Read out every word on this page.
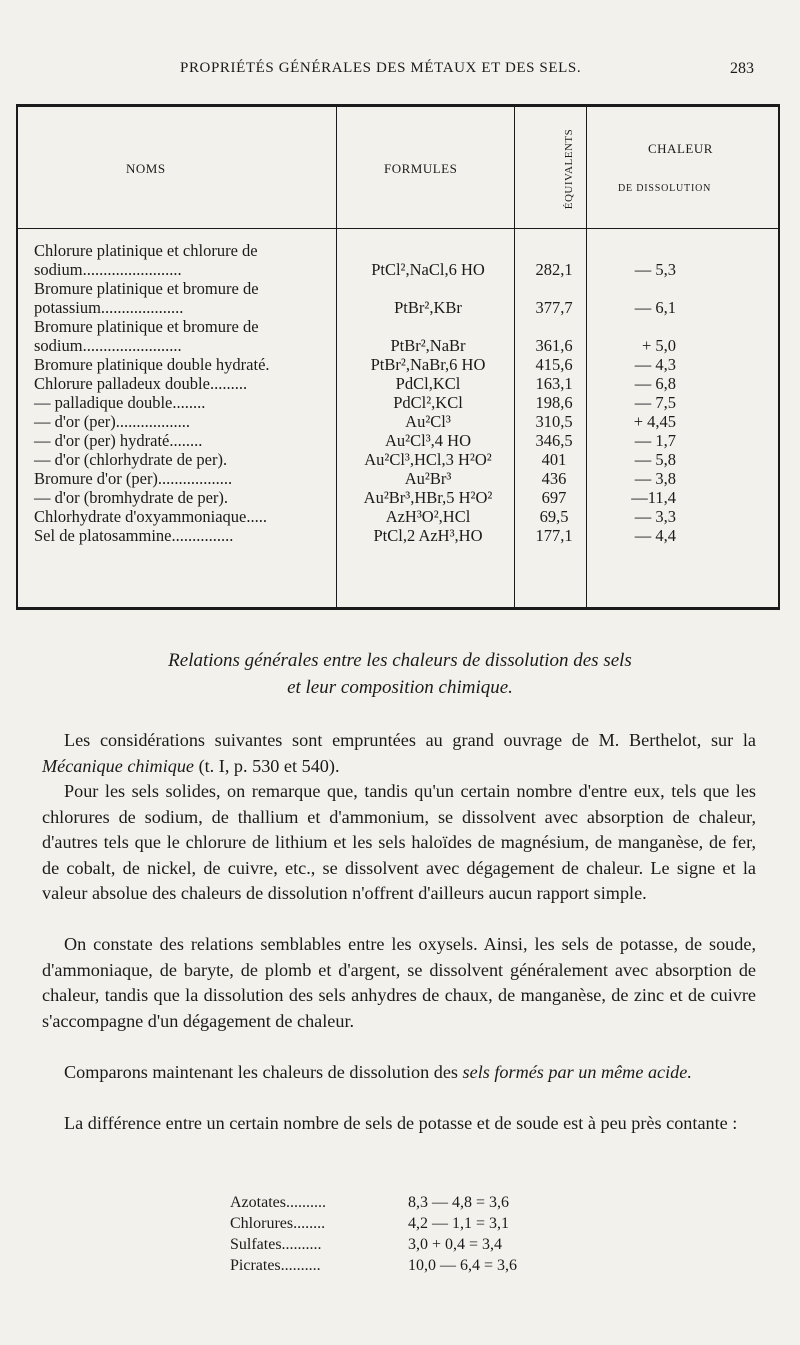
PROPRIÉTÉS GÉNÉRALES DES MÉTAUX ET DES SELS.	283
NOMS	FORMULES	ÉQUIVALENTS	CHALEUR
DE DISSOLUTION
Chlorure platinique et chlorure de
sodium........................	PtCl²,NaCl,6 HO	282,1	— 5,3
Bromure platinique et bromure de
potassium....................	PtBr²,KBr	377,7	— 6,1
Bromure platinique et bromure de
sodium........................	PtBr²,NaBr	361,6	+ 5,0
Bromure platinique double hydraté.	PtBr²,NaBr,6 HO	415,6	— 4,3
Chlorure palladeux double.........	PdCl,KCl	163,1	— 6,8
— palladique double........	PdCl²,KCl	198,6	— 7,5
— d'or (per)..................	Au²Cl³	310,5	+ 4,45
— d'or (per) hydraté........	Au²Cl³,4 HO	346,5	— 1,7
— d'or (chlorhydrate de per).	Au²Cl³,HCl,3 H²O²	401	— 5,8
Bromure d'or (per)..................	Au²Br³	436	— 3,8
— d'or (bromhydrate de per).	Au²Br³,HBr,5 H²O²	697	—11,4
Chlorhydrate d'oxyammoniaque.....	AzH³O²,HCl	69,5	— 3,3
Sel de platosammine...............	PtCl,2 AzH³,HO	177,1	— 4,4
Relations générales entre les chaleurs de dissolution des sels
et leur composition chimique.
Les considérations suivantes sont empruntées au grand ouvrage de M. Berthelot, sur la Mécanique chimique (t. I, p. 530 et 540).
Pour les sels solides, on remarque que, tandis qu'un certain nombre d'entre eux, tels que les chlorures de sodium, de thallium et d'ammonium, se dissolvent avec absorption de chaleur, d'autres tels que le chlorure de lithium et les sels haloïdes de magnésium, de manganèse, de fer, de cobalt, de nickel, de cuivre, etc., se dissolvent avec dégagement de chaleur. Le signe et la valeur absolue des chaleurs de dissolution n'offrent d'ailleurs aucun rapport simple.
On constate des relations semblables entre les oxysels. Ainsi, les sels de potasse, de soude, d'ammoniaque, de baryte, de plomb et d'argent, se dissolvent généralement avec absorption de chaleur, tandis que la dissolution des sels anhydres de chaux, de manganèse, de zinc et de cuivre s'accompagne d'un dégagement de chaleur.
Comparons maintenant les chaleurs de dissolution des sels formés par un même acide.
La différence entre un certain nombre de sels de potasse et de soude est à peu près contante :
Azotates..........	8,3 — 4,8 = 3,6
Chlorures........	4,2 — 1,1 = 3,1
Sulfates..........	3,0 + 0,4 = 3,4
Picrates..........	10,0 — 6,4 = 3,6
